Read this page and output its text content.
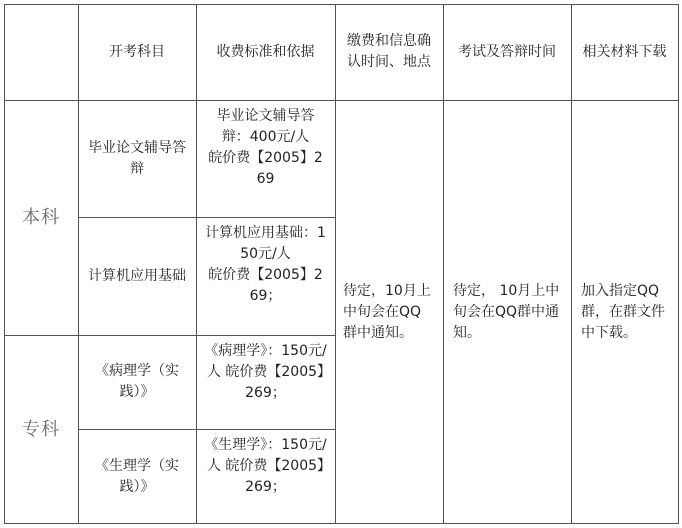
开考科目	收费标准和依据
缴费和信息确认时间、地点
考试及答辩时间	相关材料下载
本科
专科
毕业论文辅导答辩
计算机应用基础
《病理学（实践）》
《生理学（实践）》
毕业论文辅导答辩：400元/人
皖价费【2005】269
计算机应用基础：150元/人
皖价费【2005】269；
《病理学》：150元/人 皖价费【2005】269；
《生理学》：150元/人 皖价费【2005】269；
待定，10月上中旬会在QQ群中通知。
待定， 10月上中旬会在QQ群中通知。
加入指定QQ群，在群文件中下载。
